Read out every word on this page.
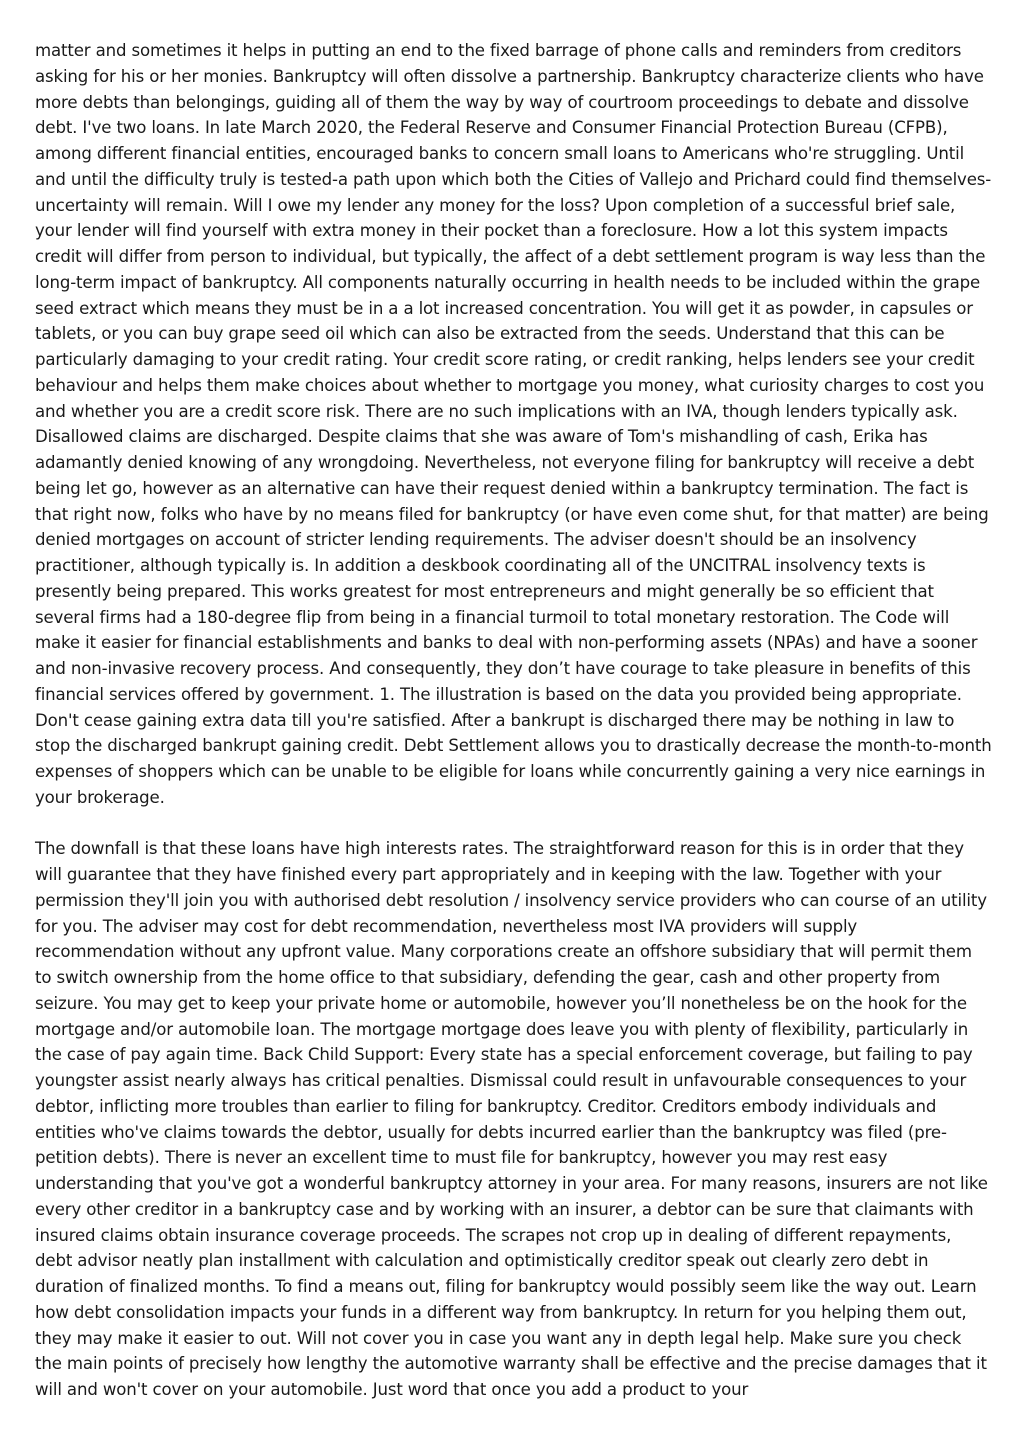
matter and sometimes it helps in putting an end to the fixed barrage of phone calls and reminders from creditors asking for his or her monies. Bankruptcy will often dissolve a partnership. Bankruptcy characterize clients who have more debts than belongings, guiding all of them the way by way of courtroom proceedings to debate and dissolve debt. I've two loans. In late March 2020, the Federal Reserve and Consumer Financial Protection Bureau (CFPB), among different financial entities, encouraged banks to concern small loans to Americans who're struggling. Until and until the difficulty truly is tested-a path upon which both the Cities of Vallejo and Prichard could find themselves-uncertainty will remain. Will I owe my lender any money for the loss? Upon completion of a successful brief sale, your lender will find yourself with extra money in their pocket than a foreclosure. How a lot this system impacts credit will differ from person to individual, but typically, the affect of a debt settlement program is way less than the long-term impact of bankruptcy. All components naturally occurring in health needs to be included within the grape seed extract which means they must be in a a lot increased concentration. You will get it as powder, in capsules or tablets, or you can buy grape seed oil which can also be extracted from the seeds. Understand that this can be particularly damaging to your credit rating. Your credit score rating, or credit ranking, helps lenders see your credit behaviour and helps them make choices about whether to mortgage you money, what curiosity charges to cost you and whether you are a credit score risk. There are no such implications with an IVA, though lenders typically ask. Disallowed claims are discharged. Despite claims that she was aware of Tom's mishandling of cash, Erika has adamantly denied knowing of any wrongdoing. Nevertheless, not everyone filing for bankruptcy will receive a debt being let go, however as an alternative can have their request denied within a bankruptcy termination. The fact is that right now, folks who have by no means filed for bankruptcy (or have even come shut, for that matter) are being denied mortgages on account of stricter lending requirements. The adviser doesn't should be an insolvency practitioner, although typically is. In addition a deskbook coordinating all of the UNCITRAL insolvency texts is presently being prepared. This works greatest for most entrepreneurs and might generally be so efficient that several firms had a 180-degree flip from being in a financial turmoil to total monetary restoration. The Code will make it easier for financial establishments and banks to deal with non-performing assets (NPAs) and have a sooner and non-invasive recovery process. And consequently, they don’t have courage to take pleasure in benefits of this financial services offered by government. 1. The illustration is based on the data you provided being appropriate. Don't cease gaining extra data till you're satisfied. After a bankrupt is discharged there may be nothing in law to stop the discharged bankrupt gaining credit. Debt Settlement allows you to drastically decrease the month-to-month expenses of shoppers which can be unable to be eligible for loans while concurrently gaining a very nice earnings in your brokerage.

The downfall is that these loans have high interests rates. The straightforward reason for this is in order that they will guarantee that they have finished every part appropriately and in keeping with the law. Together with your permission they'll join you with authorised debt resolution / insolvency service providers who can course of an utility for you. The adviser may cost for debt recommendation, nevertheless most IVA providers will supply recommendation without any upfront value. Many corporations create an offshore subsidiary that will permit them to switch ownership from the home office to that subsidiary, defending the gear, cash and other property from seizure. You may get to keep your private home or automobile, however you’ll nonetheless be on the hook for the mortgage and/or automobile loan. The mortgage mortgage does leave you with plenty of flexibility, particularly in the case of pay again time. Back Child Support: Every state has a special enforcement coverage, but failing to pay youngster assist nearly always has critical penalties. Dismissal could result in unfavourable consequences to your debtor, inflicting more troubles than earlier to filing for bankruptcy. Creditor. Creditors embody individuals and entities who've claims towards the debtor, usually for debts incurred earlier than the bankruptcy was filed (pre-petition debts). There is never an excellent time to must file for bankruptcy, however you may rest easy understanding that you've got a wonderful bankruptcy attorney in your area. For many reasons, insurers are not like every other creditor in a bankruptcy case and by working with an insurer, a debtor can be sure that claimants with insured claims obtain insurance coverage proceeds. The scrapes not crop up in dealing of different repayments, debt advisor neatly plan installment with calculation and optimistically creditor speak out clearly zero debt in duration of finalized months. To find a means out, filing for bankruptcy would possibly seem like the way out. Learn how debt consolidation impacts your funds in a different way from bankruptcy. In return for you helping them out, they may make it easier to out. Will not cover you in case you want any in depth legal help. Make sure you check the main points of precisely how lengthy the automotive warranty shall be effective and the precise damages that it will and won't cover on your automobile. Just word that once you add a product to your
